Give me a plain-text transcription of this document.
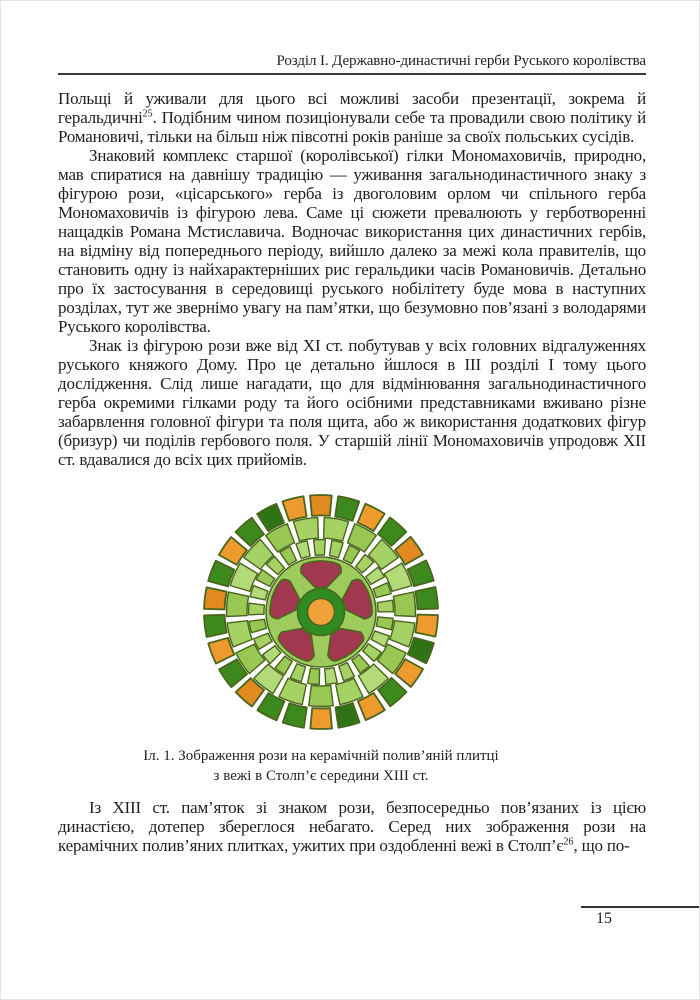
Розділ І. Державно-династичні герби Руського королівства

Польщі й уживали для цього всі можливі засоби презентації, зокрема й геральдичні$^{25}$. Подібним чином позиціонували себе та провадили свою політику й Романовичі, тільки на більш ніж півсотні років раніше за своїх польських сусідів.

Знаковий комплекс старшої (королівської) гілки Мономаховичів, природно, мав спиратися на давнішу традицію — уживання загальнодинастичного знаку з фігурою рози, «цісарського» герба із двоголовим орлом чи спільного герба Мономаховичів із фігурою лева. Саме ці сюжети превалюють у герботворенні нащадків Романа Мстиславича. Водночас використання цих династичних гербів, на відміну від попереднього періоду, вийшло далеко за межі кола правителів, що становить одну із найхарактерніших рис геральдики часів Романовичів. Детально про їх застосування в середовищі руського нобілітету буде мова в наступних розділах, тут же звернімо увагу на пам’ятки, що безумовно пов’язані з володарями Руського королівства.

Знак із фігурою рози вже від XI ст. побутував у всіх головних відгалуженнях руського княжого Дому. Про це детально йшлося в III розділі I тому цього дослідження. Слід лише нагадати, що для відмінювання загальнодинастичного герба окремими гілками роду та його осібними представниками вживано різне забарвлення головної фігури та поля щита, або ж використання додаткових фігур (бризур) чи поділів гербового поля. У старшій лінії Мономаховичів упродовж XII ст. вдавалися до всіх цих прийомів.

Іл. 1. Зображення рози на керамічній полив’яній плитці
з вежі в Столп’є середини XIII ст.

Із XIII ст. пам’яток зі знаком рози, безпосередньо пов’язаних із цією династією, дотепер збереглося небагато. Серед них зображення рози на керамічних полив’яних плитках, ужитих при оздобленні вежі в Столп’є$^{26}$, що по-

15
